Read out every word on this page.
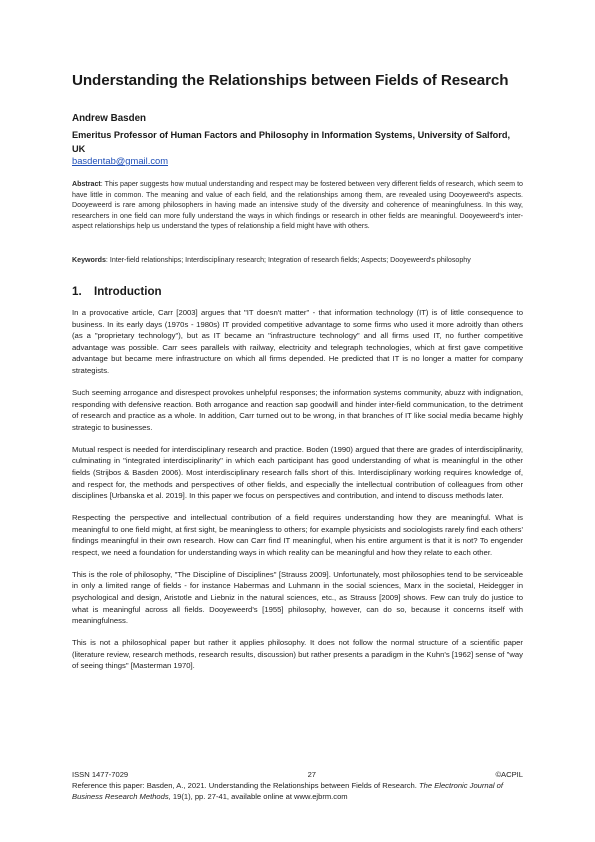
Understanding the Relationships between Fields of Research
Andrew Basden
Emeritus Professor of Human Factors and Philosophy in Information Systems, University of Salford, UK
basdentab@gmail.com
Abstract: This paper suggests how mutual understanding and respect may be fostered between very different fields of research, which seem to have little in common. The meaning and value of each field, and the relationships among them, are revealed using Dooyeweerd's aspects. Dooyeweerd is rare among philosophers in having made an intensive study of the diversity and coherence of meaningfulness. In this way, researchers in one field can more fully understand the ways in which findings or research in other fields are meaningful. Dooyeweerd's inter-aspect relationships help us understand the types of relationship a field might have with others.
Keywords: Inter-field relationships; Interdisciplinary research; Integration of research fields; Aspects; Dooyeweerd's philosophy
1. Introduction

In a provocative article, Carr [2003] argues that "IT doesn't matter" - that information technology (IT) is of little consequence to business. In its early days (1970s - 1980s) IT provided competitive advantage to some firms who used it more adroitly than others (as a "proprietary technology"), but as IT became an "infrastructure technology" and all firms used IT, no further competitive advantage was possible. Carr sees parallels with railway, electricity and telegraph technologies, which at first gave competitive advantage but became mere infrastructure on which all firms depended. He predicted that IT is no longer a matter for company strategists.

Such seeming arrogance and disrespect provokes unhelpful responses; the information systems community, abuzz with indignation, responding with defensive reaction. Both arrogance and reaction sap goodwill and hinder inter-field communication, to the detriment of research and practice as a whole. In addition, Carr turned out to be wrong, in that branches of IT like social media became highly strategic to businesses.

Mutual respect is needed for interdisciplinary research and practice. Boden (1990) argued that there are grades of interdisciplinarity, culminating in "integrated interdisciplinarity" in which each participant has good understanding of what is meaningful in the other fields (Strijbos & Basden 2006). Most interdisciplinary research falls short of this. Interdisciplinary working requires knowledge of, and respect for, the methods and perspectives of other fields, and especially the intellectual contribution of colleagues from other disciplines [Urbanska et al. 2019]. In this paper we focus on perspectives and contribution, and intend to discuss methods later.

Respecting the perspective and intellectual contribution of a field requires understanding how they are meaningful. What is meaningful to one field might, at first sight, be meaningless to others; for example physicists and sociologists rarely find each others' findings meaningful in their own research. How can Carr find IT meaningful, when his entire argument is that it is not? To engender respect, we need a foundation for understanding ways in which reality can be meaningful and how they relate to each other.

This is the role of philosophy, "The Discipline of Disciplines" [Strauss 2009]. Unfortunately, most philosophies tend to be serviceable in only a limited range of fields - for instance Habermas and Luhmann in the social sciences, Marx in the societal, Heidegger in psychological and design, Aristotle and Liebniz in the natural sciences, etc., as Strauss [2009] shows. Few can truly do justice to what is meaningful across all fields. Dooyeweerd's [1955] philosophy, however, can do so, because it concerns itself with meaningfulness.

This is not a philosophical paper but rather it applies philosophy. It does not follow the normal structure of a scientific paper (literature review, research methods, research results, discussion) but rather presents a paradigm in the Kuhn's [1962] sense of "way of seeing things" [Masterman 1970].

ISSN 1477-7029	27	©ACPIL
Reference this paper: Basden, A., 2021. Understanding the Relationships between Fields of Research. The Electronic Journal of Business Research Methods, 19(1), pp. 27-41, available online at www.ejbrm.com
